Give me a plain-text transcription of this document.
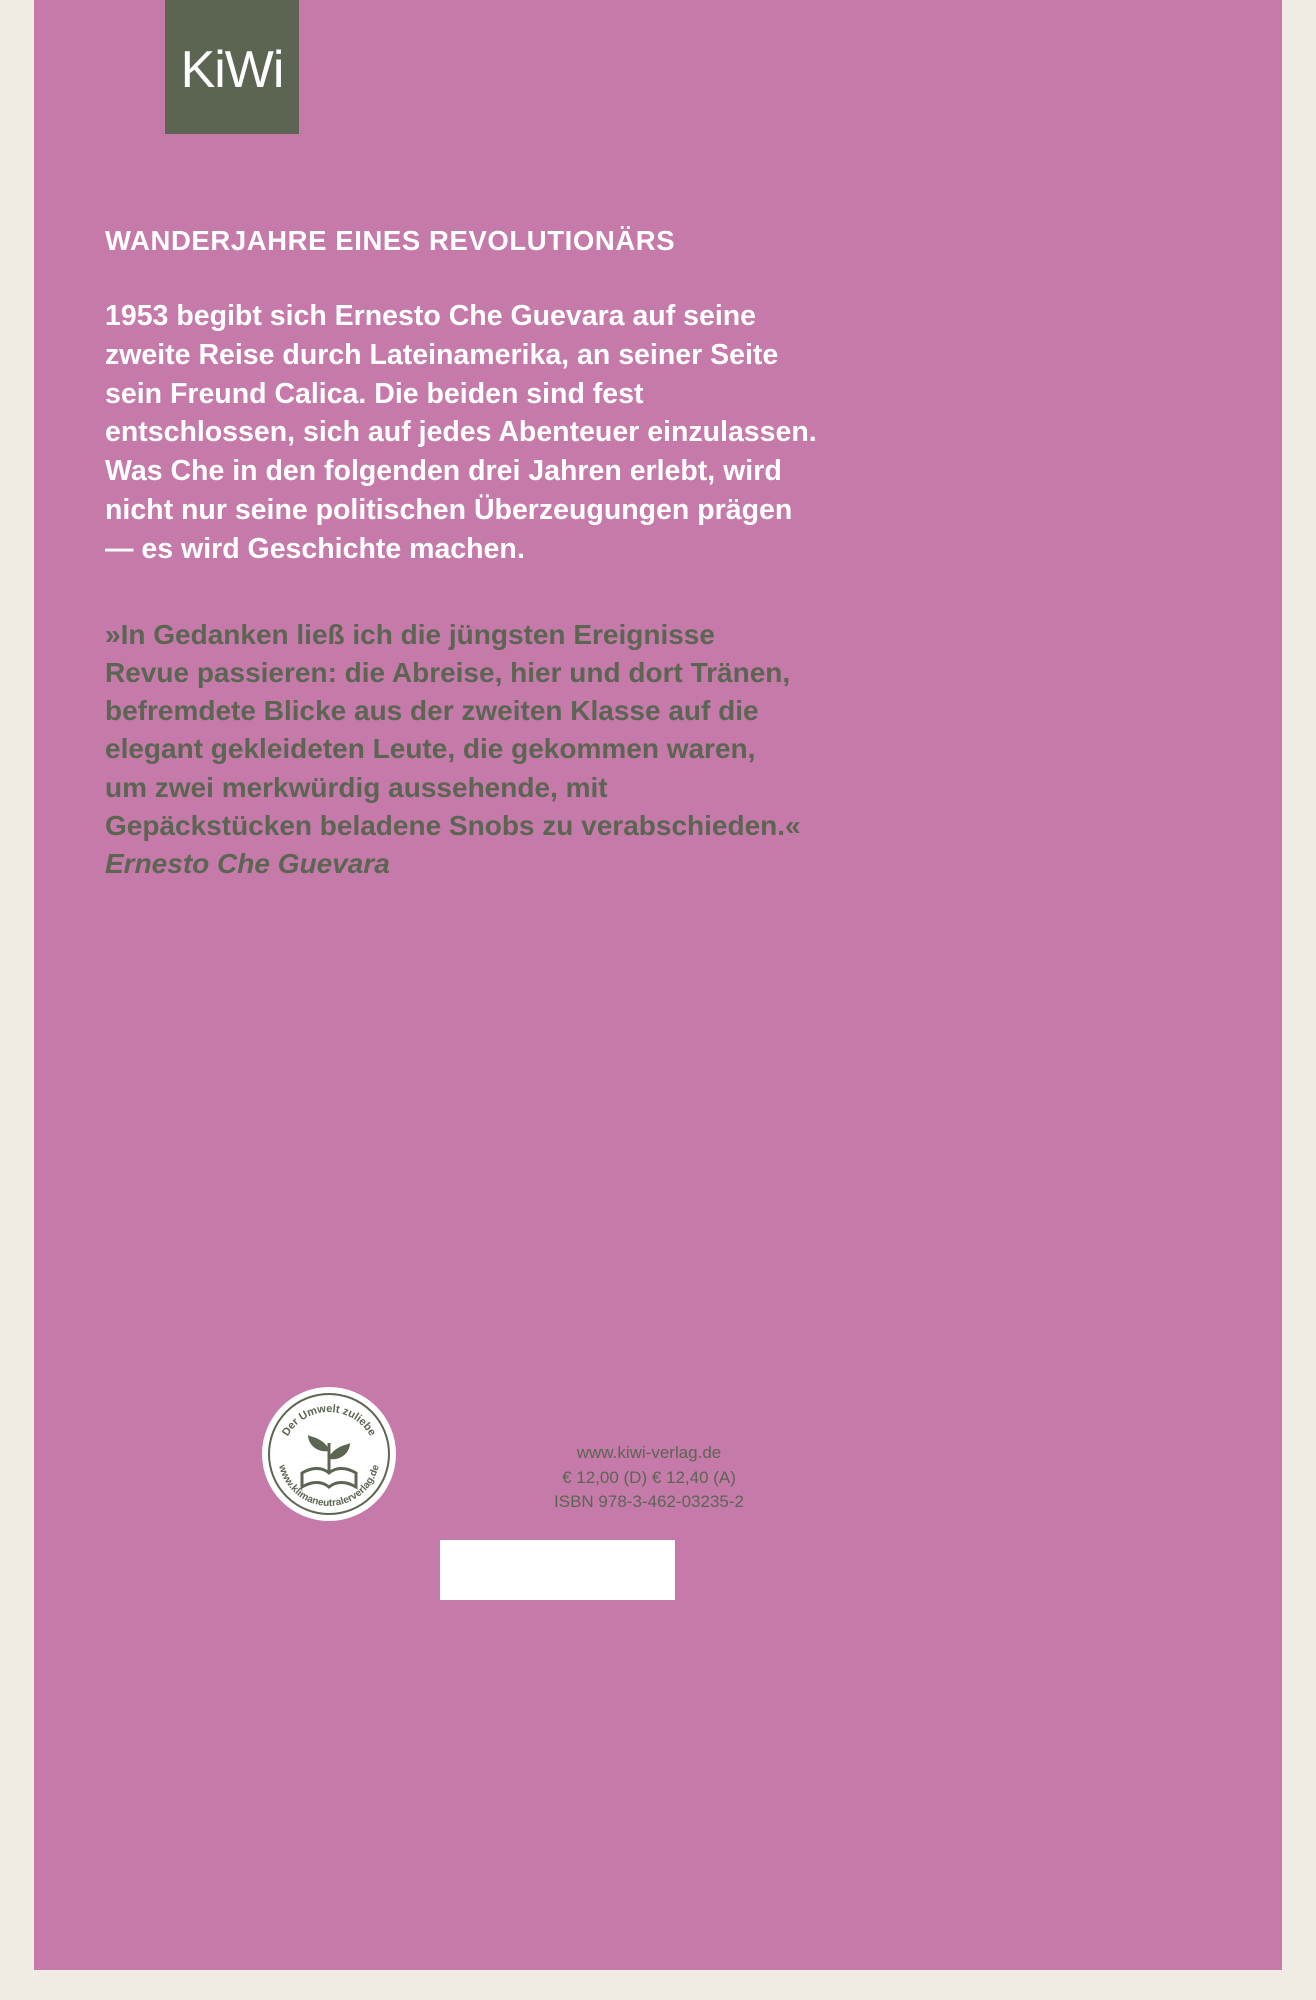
KiWi
WANDERJAHRE EINES REVOLUTIONÄRS

1953 begibt sich Ernesto Che Guevara auf seine zweite Reise durch Lateinamerika, an seiner Seite sein Freund Calica. Die beiden sind fest entschlossen, sich auf jedes Abenteuer einzulassen. Was Che in den folgenden drei Jahren erlebt, wird nicht nur seine politischen Überzeugungen prägen — es wird Geschichte machen.

»In Gedanken ließ ich die jüngsten Ereignisse Revue passieren: die Abreise, hier und dort Tränen, befremdete Blicke aus der zweiten Klasse auf die elegant gekleideten Leute, die gekommen waren, um zwei merkwürdig aussehende, mit Gepäckstücken beladene Snobs zu verabschieden.«

Ernesto Che Guevara

Der Umwelt zuliebe
www.klimaneutralerverlag.de
www.kiwi-verlag.de
€ 12,00 (D) € 12,40 (A)
ISBN 978-3-462-03235-2
